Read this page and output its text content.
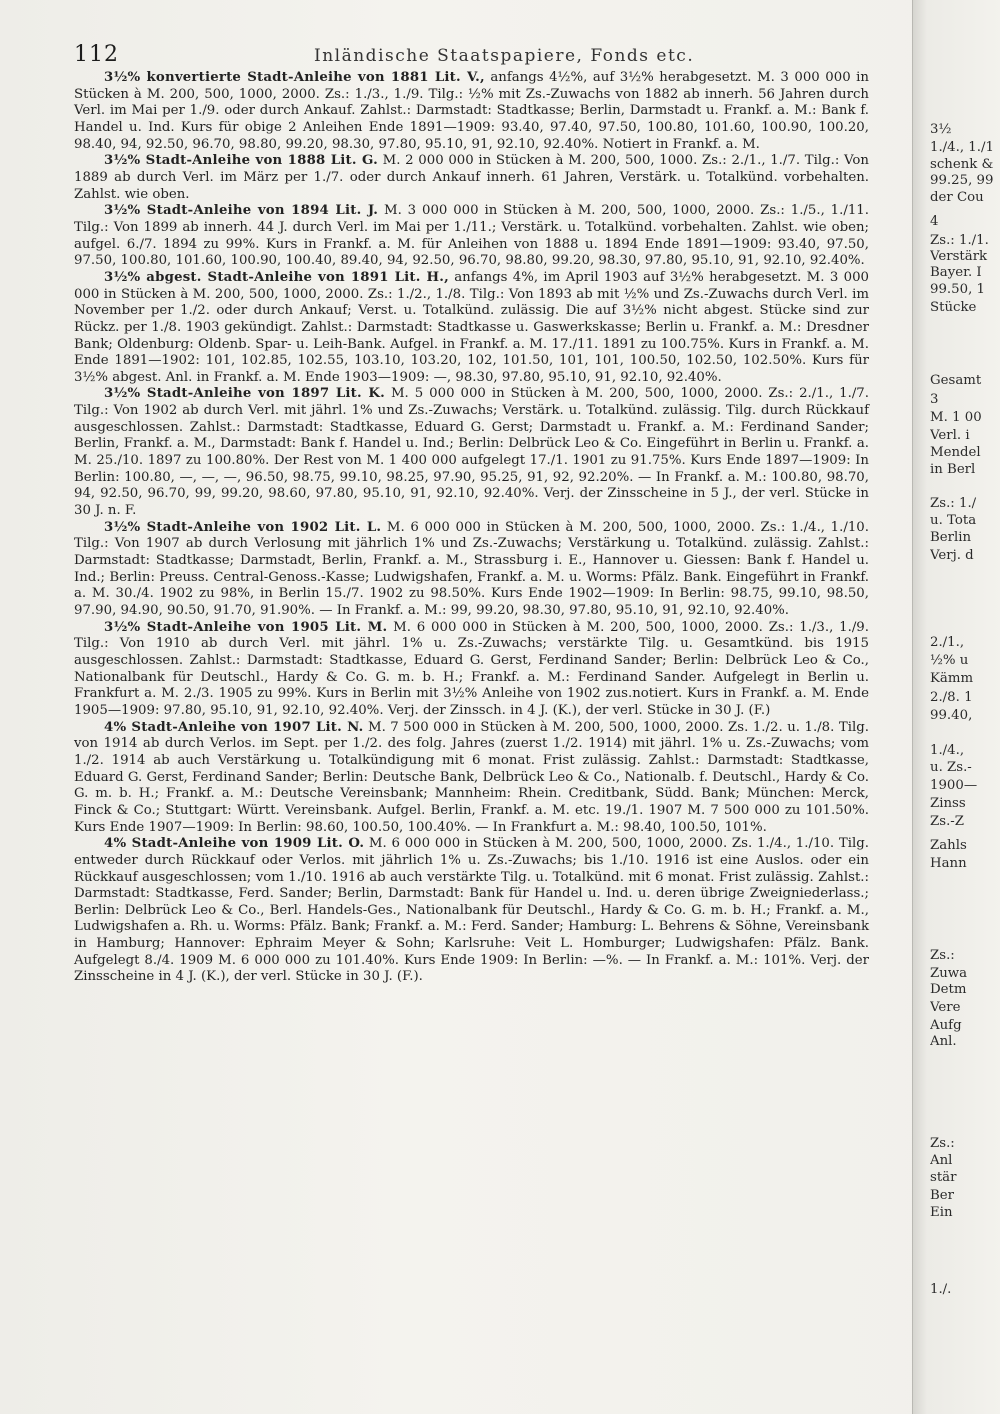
112	Inländische Staatspapiere, Fonds etc.

3½% konvertierte Stadt-Anleihe von 1881 Lit. V., anfangs 4½%, auf 3½% herabgesetzt. M. 3 000 000 in Stücken à M. 200, 500, 1000, 2000. Zs.: 1./3., 1./9. Tilg.: ½% mit Zs.-Zuwachs von 1882 ab innerh. 56 Jahren durch Verl. im Mai per 1./9. oder durch Ankauf. Zahlst.: Darmstadt: Stadtkasse; Berlin, Darmstadt u. Frankf. a. M.: Bank f. Handel u. Ind. Kurs für obige 2 Anleihen Ende 1891—1909: 93.40, 97.40, 97.50, 100.80, 101.60, 100.90, 100.20, 98.40, 94, 92.50, 96.70, 98.80, 99.20, 98.30, 97.80, 95.10, 91, 92.10, 92.40%. Notiert in Frankf. a. M.

3½% Stadt-Anleihe von 1888 Lit. G. M. 2 000 000 in Stücken à M. 200, 500, 1000. Zs.: 2./1., 1./7. Tilg.: Von 1889 ab durch Verl. im März per 1./7. oder durch Ankauf innerh. 61 Jahren, Verstärk. u. Totalkünd. vorbehalten. Zahlst. wie oben.

3½% Stadt-Anleihe von 1894 Lit. J. M. 3 000 000 in Stücken à M. 200, 500, 1000, 2000. Zs.: 1./5., 1./11. Tilg.: Von 1899 ab innerh. 44 J. durch Verl. im Mai per 1./11.; Verstärk. u. Totalkünd. vorbehalten. Zahlst. wie oben; aufgel. 6./7. 1894 zu 99%. Kurs in Frankf. a. M. für Anleihen von 1888 u. 1894 Ende 1891—1909: 93.40, 97.50, 97.50, 100.80, 101.60, 100.90, 100.40, 89.40, 94, 92.50, 96.70, 98.80, 99.20, 98.30, 97.80, 95.10, 91, 92.10, 92.40%.

3½% abgest. Stadt-Anleihe von 1891 Lit. H., anfangs 4%, im April 1903 auf 3½% herabgesetzt. M. 3 000 000 in Stücken à M. 200, 500, 1000, 2000. Zs.: 1./2., 1./8. Tilg.: Von 1893 ab mit ½% und Zs.-Zuwachs durch Verl. im November per 1./2. oder durch Ankauf; Verst. u. Totalkünd. zulässig. Die auf 3½% nicht abgest. Stücke sind zur Rückz. per 1./8. 1903 gekündigt. Zahlst.: Darmstadt: Stadtkasse u. Gaswerkskasse; Berlin u. Frankf. a. M.: Dresdner Bank; Oldenburg: Oldenb. Spar- u. Leih-Bank. Aufgel. in Frankf. a. M. 17./11. 1891 zu 100.75%. Kurs in Frankf. a. M. Ende 1891—1902: 101, 102.85, 102.55, 103.10, 103.20, 102, 101.50, 101, 101, 100.50, 102.50, 102.50%. Kurs für 3½% abgest. Anl. in Frankf. a. M. Ende 1903—1909: —, 98.30, 97.80, 95.10, 91, 92.10, 92.40%.

3½% Stadt-Anleihe von 1897 Lit. K. M. 5 000 000 in Stücken à M. 200, 500, 1000, 2000. Zs.: 2./1., 1./7. Tilg.: Von 1902 ab durch Verl. mit jährl. 1% und Zs.-Zuwachs; Verstärk. u. Totalkünd. zulässig. Tilg. durch Rückkauf ausgeschlossen. Zahlst.: Darmstadt: Stadtkasse, Eduard G. Gerst; Darmstadt u. Frankf. a. M.: Ferdinand Sander; Berlin, Frankf. a. M., Darmstadt: Bank f. Handel u. Ind.; Berlin: Delbrück Leo & Co. Eingeführt in Berlin u. Frankf. a. M. 25./10. 1897 zu 100.80%. Der Rest von M. 1 400 000 aufgelegt 17./1. 1901 zu 91.75%. Kurs Ende 1897—1909: In Berlin: 100.80, —, —, —, 96.50, 98.75, 99.10, 98.25, 97.90, 95.25, 91, 92, 92.20%. — In Frankf. a. M.: 100.80, 98.70, 94, 92.50, 96.70, 99, 99.20, 98.60, 97.80, 95.10, 91, 92.10, 92.40%. Verj. der Zinsscheine in 5 J., der verl. Stücke in 30 J. n. F.

3½% Stadt-Anleihe von 1902 Lit. L. M. 6 000 000 in Stücken à M. 200, 500, 1000, 2000. Zs.: 1./4., 1./10. Tilg.: Von 1907 ab durch Verlosung mit jährlich 1% und Zs.-Zuwachs; Verstärkung u. Totalkünd. zulässig. Zahlst.: Darmstadt: Stadtkasse; Darmstadt, Berlin, Frankf. a. M., Strassburg i. E., Hannover u. Giessen: Bank f. Handel u. Ind.; Berlin: Preuss. Central-Genoss.-Kasse; Ludwigshafen, Frankf. a. M. u. Worms: Pfälz. Bank. Eingeführt in Frankf. a. M. 30./4. 1902 zu 98%, in Berlin 15./7. 1902 zu 98.50%. Kurs Ende 1902—1909: In Berlin: 98.75, 99.10, 98.50, 97.90, 94.90, 90.50, 91.70, 91.90%. — In Frankf. a. M.: 99, 99.20, 98.30, 97.80, 95.10, 91, 92.10, 92.40%.

3½% Stadt-Anleihe von 1905 Lit. M. M. 6 000 000 in Stücken à M. 200, 500, 1000, 2000. Zs.: 1./3., 1./9. Tilg.: Von 1910 ab durch Verl. mit jährl. 1% u. Zs.-Zuwachs; verstärkte Tilg. u. Gesamtkünd. bis 1915 ausgeschlossen. Zahlst.: Darmstadt: Stadtkasse, Eduard G. Gerst, Ferdinand Sander; Berlin: Delbrück Leo & Co., Nationalbank für Deutschl., Hardy & Co. G. m. b. H.; Frankf. a. M.: Ferdinand Sander. Aufgelegt in Berlin u. Frankfurt a. M. 2./3. 1905 zu 99%. Kurs in Berlin mit 3½% Anleihe von 1902 zus.notiert. Kurs in Frankf. a. M. Ende 1905—1909: 97.80, 95.10, 91, 92.10, 92.40%. Verj. der Zinssch. in 4 J. (K.), der verl. Stücke in 30 J. (F.)

4% Stadt-Anleihe von 1907 Lit. N. M. 7 500 000 in Stücken à M. 200, 500, 1000, 2000. Zs. 1./2. u. 1./8. Tilg. von 1914 ab durch Verlos. im Sept. per 1./2. des folg. Jahres (zuerst 1./2. 1914) mit jährl. 1% u. Zs.-Zuwachs; vom 1./2. 1914 ab auch Verstärkung u. Totalkündigung mit 6 monat. Frist zulässig. Zahlst.: Darmstadt: Stadtkasse, Eduard G. Gerst, Ferdinand Sander; Berlin: Deutsche Bank, Delbrück Leo & Co., Nationalb. f. Deutschl., Hardy & Co. G. m. b. H.; Frankf. a. M.: Deutsche Vereinsbank; Mannheim: Rhein. Creditbank, Südd. Bank; München: Merck, Finck & Co.; Stuttgart: Württ. Vereinsbank. Aufgel. Berlin, Frankf. a. M. etc. 19./1. 1907 M. 7 500 000 zu 101.50%. Kurs Ende 1907—1909: In Berlin: 98.60, 100.50, 100.40%. — In Frankfurt a. M.: 98.40, 100.50, 101%.

4% Stadt-Anleihe von 1909 Lit. O. M. 6 000 000 in Stücken à M. 200, 500, 1000, 2000. Zs. 1./4., 1./10. Tilg. entweder durch Rückkauf oder Verlos. mit jährlich 1% u. Zs.-Zuwachs; bis 1./10. 1916 ist eine Auslos. oder ein Rückkauf ausgeschlossen; vom 1./10. 1916 ab auch verstärkte Tilg. u. Totalkünd. mit 6 monat. Frist zulässig. Zahlst.: Darmstadt: Stadtkasse, Ferd. Sander; Berlin, Darmstadt: Bank für Handel u. Ind. u. deren übrige Zweigniederlass.; Berlin: Delbrück Leo & Co., Berl. Handels-Ges., Nationalbank für Deutschl., Hardy & Co. G. m. b. H.; Frankf. a. M., Ludwigshafen a. Rh. u. Worms: Pfälz. Bank; Frankf. a. M.: Ferd. Sander; Hamburg: L. Behrens & Söhne, Vereinsbank in Hamburg; Hannover: Ephraim Meyer & Sohn; Karlsruhe: Veit L. Homburger; Ludwigshafen: Pfälz. Bank. Aufgelegt 8./4. 1909 M. 6 000 000 zu 101.40%. Kurs Ende 1909: In Berlin: —%. — In Frankf. a. M.: 101%. Verj. der Zinsscheine in 4 J. (K.), der verl. Stücke in 30 J. (F.).

3½
1./4., 1./1
schenk &
99.25, 99
der Cou
4
Zs.: 1./1.
Verstärk
Bayer. I
99.50, 1
Stücke
Gesamt
3
M. 1 00
Verl. i
Mendel
in Berl
Zs.: 1./
u. Tota
Berlin
Verj. d
2./1.,
½% u
Kämm
2./8. 1
99.40,
1./4.,
u. Zs.-
1900—
Zinss
Zs.-Z
Zahls
Hann
Zs.:
Zuwa
Detm
Vere
Aufg
Anl.
Zs.:
Anl
stär
Ber
Ein
1./.
